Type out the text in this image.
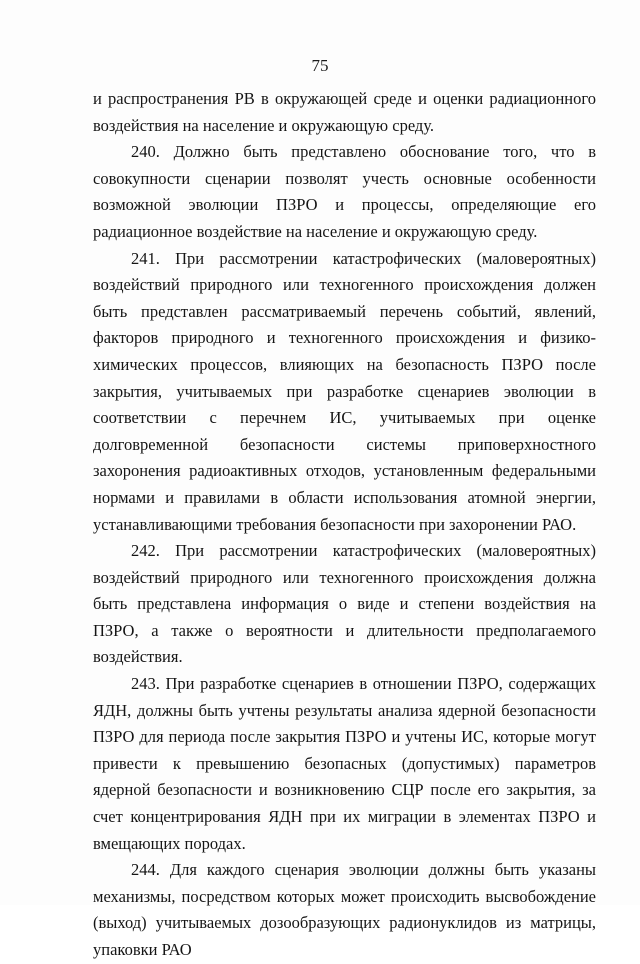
75

и распространения РВ в окружающей среде и оценки радиационного воздействия на население и окружающую среду.

240. Должно быть представлено обоснование того, что в совокупности сценарии позволят учесть основные особенности возможной эволюции ПЗРО и процессы, определяющие его радиационное воздействие на население и окружающую среду.

241. При рассмотрении катастрофических (маловероятных) воздействий природного или техногенного происхождения должен быть представлен рассматриваемый перечень событий, явлений, факторов природного и техногенного происхождения и физико-химических процессов, влияющих на безопасность ПЗРО после закрытия, учитываемых при разработке сценариев эволюции в соответствии с перечнем ИС, учитываемых при оценке долговременной безопасности системы приповерхностного захоронения радиоактивных отходов, установленным федеральными нормами и правилами в области использования атомной энергии, устанавливающими требования безопасности при захоронении РАО.

242. При рассмотрении катастрофических (маловероятных) воздействий природного или техногенного происхождения должна быть представлена информация о виде и степени воздействия на ПЗРО, а также о вероятности и длительности предполагаемого воздействия.

243. При разработке сценариев в отношении ПЗРО, содержащих ЯДН, должны быть учтены результаты анализа ядерной безопасности ПЗРО для периода после закрытия ПЗРО и учтены ИС, которые могут привести к превышению безопасных (допустимых) параметров ядерной безопасности и возникновению СЦР после его закрытия, за счет концентрирования ЯДН при их миграции в элементах ПЗРО и вмещающих породах.

244. Для каждого сценария эволюции должны быть указаны механизмы, посредством которых может происходить высвобождение (выход) учитываемых дозообразующих радионуклидов из матрицы, упаковки РАО
